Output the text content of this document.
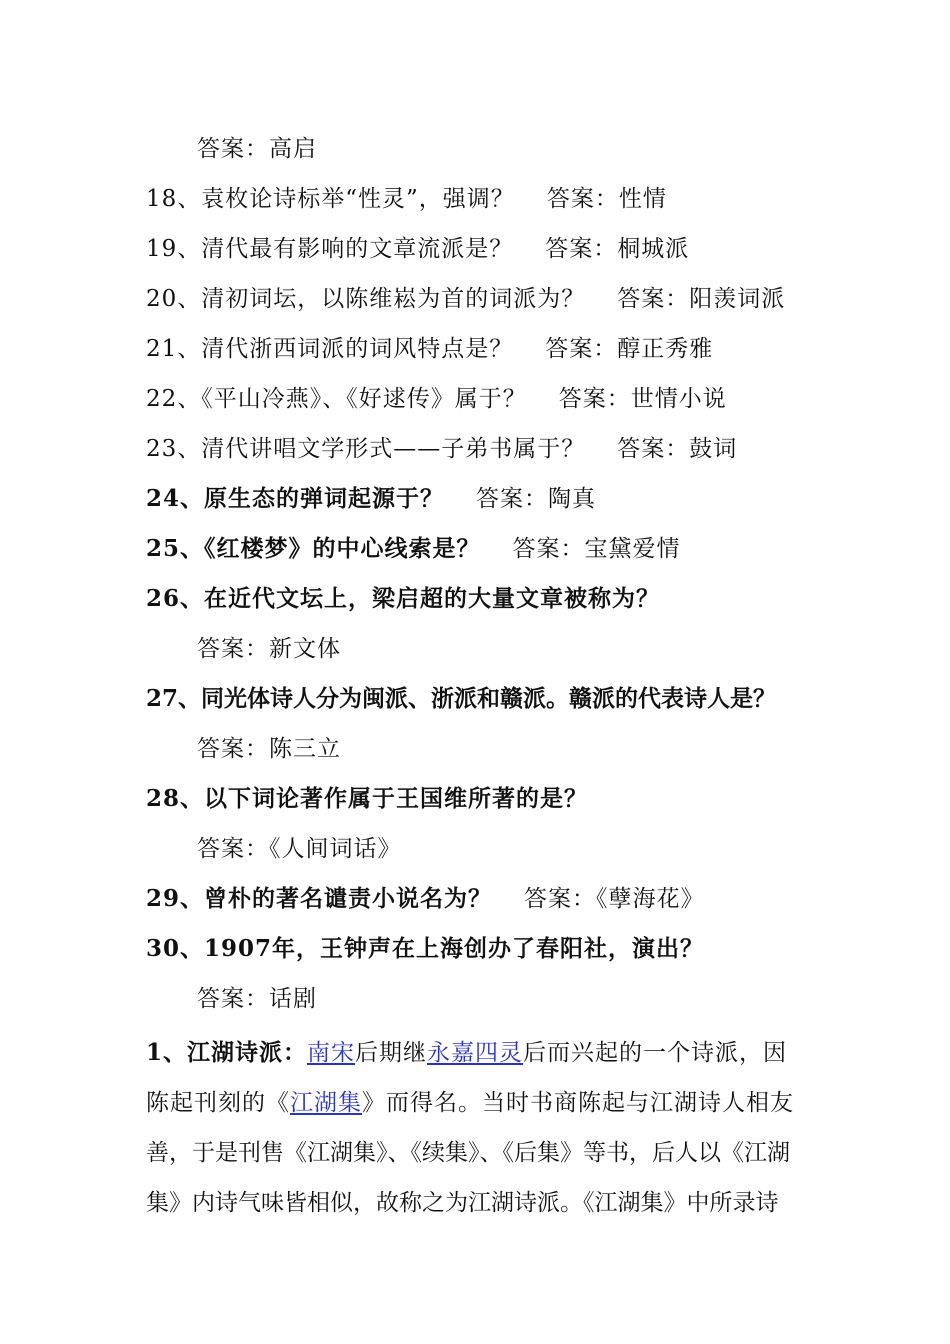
答案：高启
18、袁枚论诗标举“性灵”，强调？ 答案：性情
19、清代最有影响的文章流派是？ 答案：桐城派
20、清初词坛，以陈维崧为首的词派为？ 答案：阳羡词派
21、清代浙西词派的词风特点是？ 答案：醇正秀雅
22、《平山冷燕》、《好逑传》属于？ 答案：世情小说
23、清代讲唱文学形式——子弟书属于？ 答案：鼓词
24、原生态的弹词起源于？ 答案：陶真
25、《红楼梦》的中心线索是？ 答案：宝黛爱情
26、在近代文坛上，梁启超的大量文章被称为？
答案：新文体
27、同光体诗人分为闽派、浙派和赣派。赣派的代表诗人是？
答案：陈三立
28、以下词论著作属于王国维所著的是？
答案：《人间词话》
29、曾朴的著名谴责小说名为？ 答案：《孽海花》
30、1907年，王钟声在上海创办了春阳社，演出？
答案：话剧
1、江湖诗派：南宋后期继永嘉四灵后而兴起的一个诗派，因
陈起刊刻的《江湖集》而得名。当时书商陈起与江湖诗人相友
善，于是刊售《江湖集》、《续集》、《后集》等书，后人以《江湖
集》内诗气味皆相似，故称之为江湖诗派。《江湖集》中所录诗
